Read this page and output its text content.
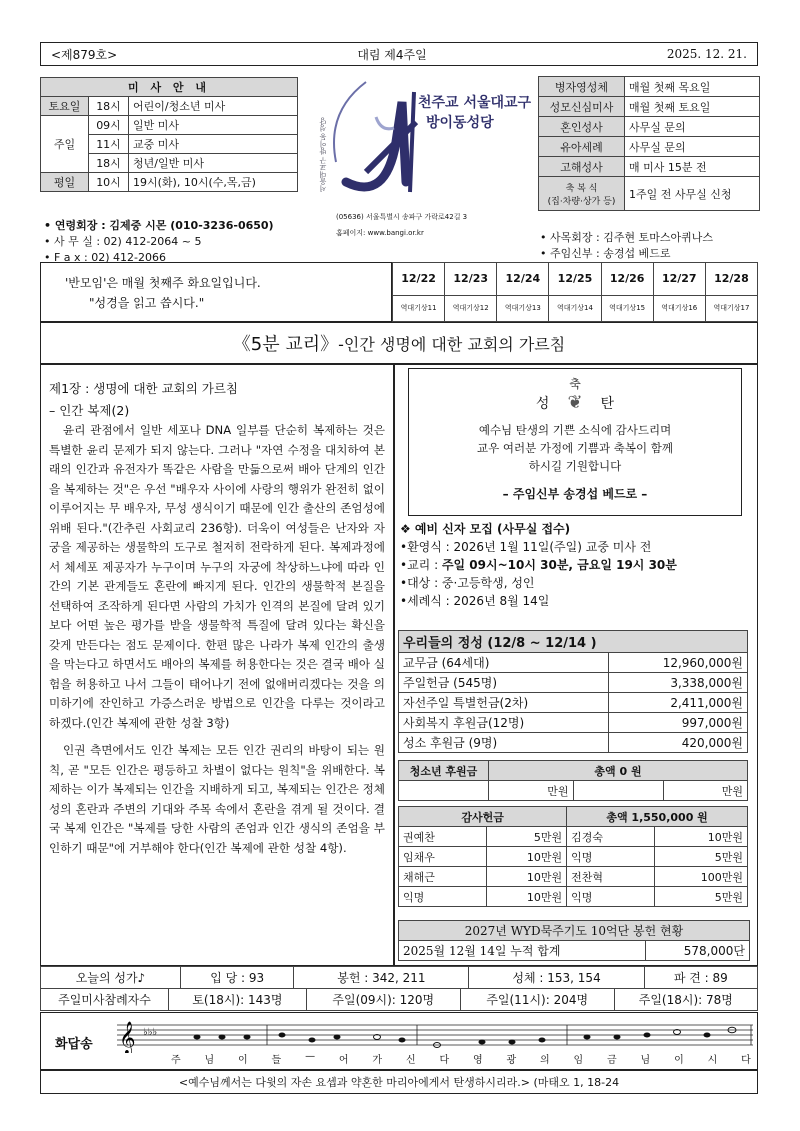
<제879호>	대림 제4주일	2025. 12. 21.
미 사 안 내		
토요일	18시	어린이/청소년 미사
주일	09시	일반 미사
	11시	교중 미사
	18시	청년/일반 미사
평일	10시	19시(화), 10시(수,목,금)
• 연령회장 : 김제중 시몬 (010-3236-0650)
• 사 무 실 : 02) 412-2064 ~ 5
• F a x : 02) 412-2066
서울대교구 방이동 성당
천주교 서울대교구
방이동성당
(05636) 서울특별시 송파구 가락로42길 3
홈페이지: www.bangi.or.kr
병자영성체	매월 첫째 목요일
성모신심미사	매월 첫째 토요일
혼인성사	사무실 문의
유아세례	사무실 문의
고해성사	매 미사 15분 전
축 복 식
(집·차량·상가 등)	1주일 전 사무실 신청
• 사목회장 : 김주현 토마스아퀴나스
• 주임신부 : 송경섭 베드로
'반모임'은 매월 첫째주 화요일입니다.
"성경을 읽고 씁시다."
12/22	12/23	12/24	12/25	12/26	12/27	12/28
역대기상11	역대기상12	역대기상13	역대기상14	역대기상15	역대기상16	역대기상17
《5분 교리》 -인간 생명에 대한 교회의 가르침
제1장 : 생명에 대한 교회의 가르침
– 인간 복제(2)

윤리 관점에서 일반 세포나 DNA 일부를 단순히 복제하는 것은 특별한 윤리 문제가 되지 않는다. 그러나 "자연 수정을 대치하여 본래의 인간과 유전자가 똑같은 사람을 만듦으로써 배아 단계의 인간을 복제하는 것"은 우선 "배우자 사이에 사랑의 행위가 완전히 없이 이루어지는 무 배우자, 무성 생식이기 때문에 인간 출산의 존엄성에 위배 된다."(간추린 사회교리 236항). 더욱이 여성들은 난자와 자궁을 제공하는 생물학의 도구로 철저히 전락하게 된다. 복제과정에서 체세포 제공자가 누구이며 누구의 자궁에 착상하느냐에 따라 인간의 기본 관계들도 혼란에 빠지게 된다. 인간의 생물학적 본질을 선택하여 조작하게 된다면 사람의 가치가 인격의 본질에 달려 있기보다 어떤 높은 평가를 받을 생물학적 특질에 달려 있다는 확신을 갖게 만든다는 점도 문제이다. 한편 많은 나라가 복제 인간의 출생을 막는다고 하면서도 배아의 복제를 허용한다는 것은 결국 배아 실험을 허용하고 나서 그들이 태어나기 전에 없애버리겠다는 것을 의미하기에 잔인하고 가증스러운 방법으로 인간을 다루는 것이라고 하겠다.(인간 복제에 관한 성찰 3항)

인권 측면에서도 인간 복제는 모든 인간 권리의 바탕이 되는 원칙, 곧 "모든 인간은 평등하고 차별이 없다는 원칙"을 위배한다. 복제하는 이가 복제되는 인간을 지배하게 되고, 복제되는 인간은 정체성의 혼란과 주변의 기대와 주목 속에서 혼란을 겪게 될 것이다. 결국 복제 인간은 "복제를 당한 사람의 존엄과 인간 생식의 존엄을 부인하기 때문"에 거부해야 한다(인간 복제에 관한 성찰 4항).

축
성 ❦ 탄
예수님 탄생의 기쁜 소식에 감사드리며
교우 여러분 가정에 기쁨과 축복이 함께
하시길 기원합니다
– 주임신부 송경섭 베드로 –
❖ 예비 신자 모집 (사무실 접수)
•환영식 : 2026년 1월 11일(주일) 교중 미사 전
•교리 : 주일 09시~10시 30분, 금요일 19시 30분
•대상 : 중·고등학생, 성인
•세례식 : 2026년 8월 14일
우리들의 정성 (12/8 ~ 12/14 )	
교무금 (64세대)	12,960,000원
주일헌금 (545명)	3,338,000원
자선주일 특별헌금(2차)	2,411,000원
사회복지 후원금(12명)	997,000원
성소 후원금 (9명)	420,000원
청소년 후원금	총액 0 원		
	만원		만원
감사헌금		총액 1,550,000 원	
권예찬	5만원	김경숙	10만원
임채우	10만원	익명	5만원
채해근	10만원	전찬혁	100만원
익명	10만원	익명	5만원
2027년 WYD묵주기도 10억단 봉헌 현황
2025월 12월 14일 누적 합계	578,000단
오늘의 성가♪	입 당 : 93	봉헌 : 342, 211	성체 : 153, 154	파 견 : 89
주일미사참례자수	토(18시): 143명	주일(09시): 120명	주일(11시): 204명	주일(18시): 78명
화답송 𝄞 ♭♭♭
주 님 이 들 — 어 가 신 다 영 광 의 임 금 님 이 시 다
<예수님께서는 다윗의 자손 요셉과 약혼한 마리아에게서 탄생하시리라.> (마태오 1, 18-24
